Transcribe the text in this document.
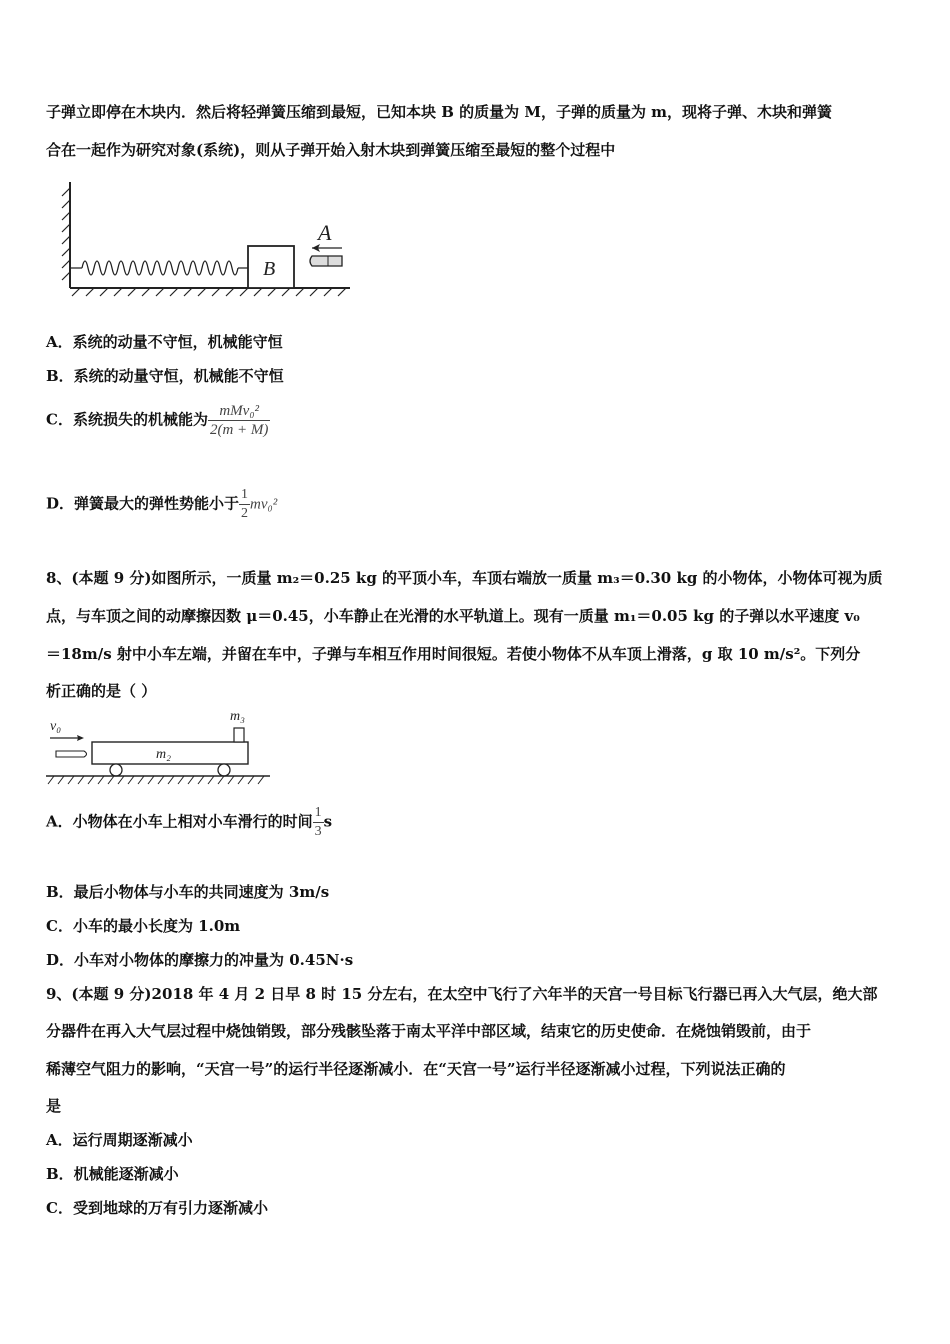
子弹立即停在木块内．然后将轻弹簧压缩到最短，已知本块 B 的质量为 M，子弹的质量为 m，现将子弹、木块和弹簧
合在一起作为研究对象(系统)，则从子弹开始入射木块到弹簧压缩至最短的整个过程中
B
A
A．系统的动量不守恒，机械能守恒
B．系统的动量守恒，机械能不守恒
C．系统损失的机械能为 $\frac{\text{mMv₀²}}{2(m + M)}$
D．弹簧最大的弹性势能小于 $\frac{1}{2} mv_0^2$
8、(本题 9 分)如图所示，一质量 m₂＝0.25 kg 的平顶小车，车顶右端放一质量 m₃＝0.30 kg 的小物体，小物体可视为质
点，与车顶之间的动摩擦因数 μ＝0.45，小车静止在光滑的水平轨道上。现有一质量 m₁＝0.05 kg 的子弹以水平速度 v₀
＝18m/s 射中小车左端，并留在车中，子弹与车相互作用时间很短。若使小物体不从车顶上滑落，g 取 10 m/s²。下列分
析正确的是（ ）
v₀
m₂
m₃
A．小物体在小车上相对小车滑行的时间 $\frac{1}{3}$ s
B．最后小物体与小车的共同速度为 3m/s
C．小车的最小长度为 1.0m
D．小车对小物体的摩擦力的冲量为 0.45N·s
9、(本题 9 分)2018 年 4 月 2 日早 8 时 15 分左右，在太空中飞行了六年半的天宫一号目标飞行器已再入大气层，绝大部
分器件在再入大气层过程中烧蚀销毁，部分残骸坠落于南太平洋中部区域，结束它的历史使命．在烧蚀销毁前，由于
稀薄空气阻力的影响，“天宫一号”的运行半径逐渐减小．在“天宫一号”运行半径逐渐减小过程，下列说法正确的
是
A．运行周期逐渐减小
B．机械能逐渐减小
C．受到地球的万有引力逐渐减小
